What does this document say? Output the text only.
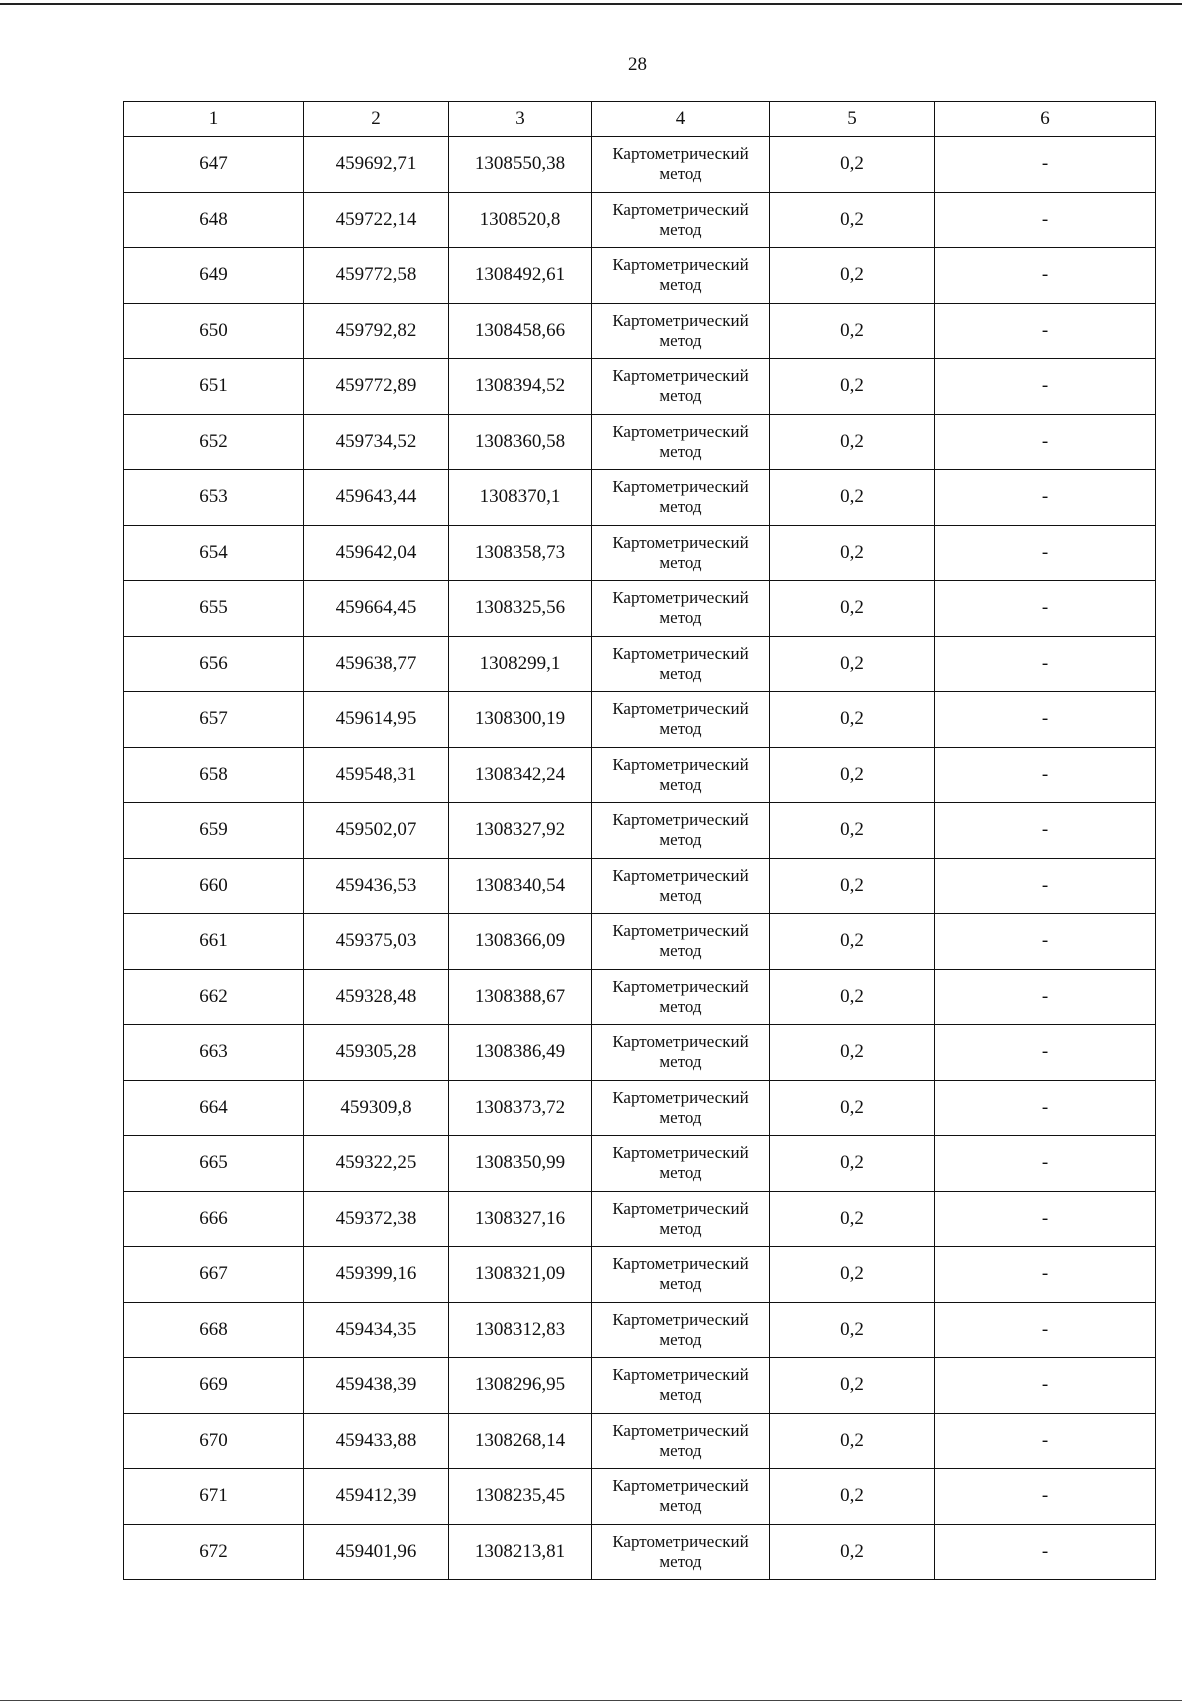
28
1	2	3	4	5	6
647	459692,71	1308550,38	Картометрический
метод	0,2	-
648	459722,14	1308520,8	Картометрический
метод	0,2	-
649	459772,58	1308492,61	Картометрический
метод	0,2	-
650	459792,82	1308458,66	Картометрический
метод	0,2	-
651	459772,89	1308394,52	Картометрический
метод	0,2	-
652	459734,52	1308360,58	Картометрический
метод	0,2	-
653	459643,44	1308370,1	Картометрический
метод	0,2	-
654	459642,04	1308358,73	Картометрический
метод	0,2	-
655	459664,45	1308325,56	Картометрический
метод	0,2	-
656	459638,77	1308299,1	Картометрический
метод	0,2	-
657	459614,95	1308300,19	Картометрический
метод	0,2	-
658	459548,31	1308342,24	Картометрический
метод	0,2	-
659	459502,07	1308327,92	Картометрический
метод	0,2	-
660	459436,53	1308340,54	Картометрический
метод	0,2	-
661	459375,03	1308366,09	Картометрический
метод	0,2	-
662	459328,48	1308388,67	Картометрический
метод	0,2	-
663	459305,28	1308386,49	Картометрический
метод	0,2	-
664	459309,8	1308373,72	Картометрический
метод	0,2	-
665	459322,25	1308350,99	Картометрический
метод	0,2	-
666	459372,38	1308327,16	Картометрический
метод	0,2	-
667	459399,16	1308321,09	Картометрический
метод	0,2	-
668	459434,35	1308312,83	Картометрический
метод	0,2	-
669	459438,39	1308296,95	Картометрический
метод	0,2	-
670	459433,88	1308268,14	Картометрический
метод	0,2	-
671	459412,39	1308235,45	Картометрический
метод	0,2	-
672	459401,96	1308213,81	Картометрический
метод	0,2	-
